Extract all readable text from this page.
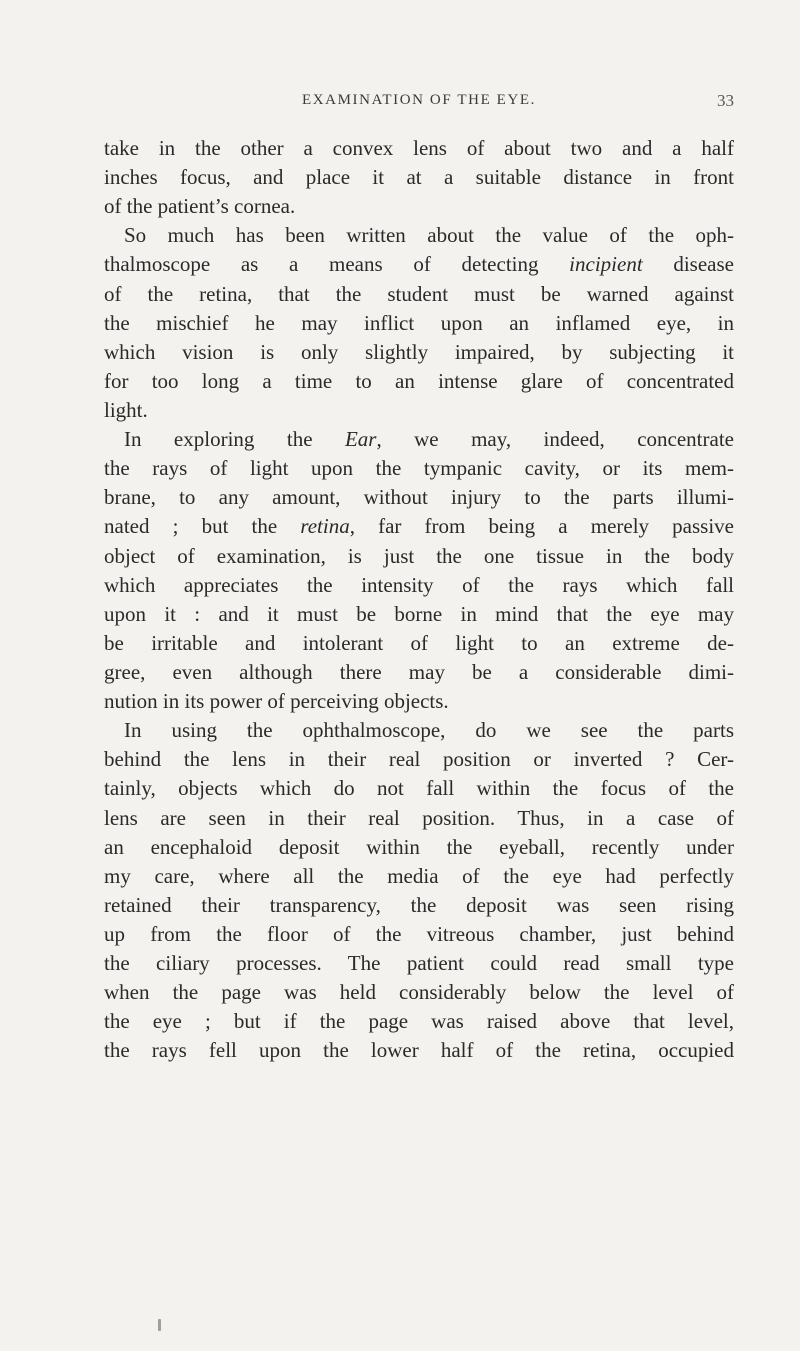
EXAMINATION OF THE EYE.	33
take in the other a convex lens of about two and a half
inches focus, and place it at a suitable distance in front
of the patient’s cornea.
So much has been written about the value of the oph-
thalmoscope as a means of detecting incipient disease
of the retina, that the student must be warned against
the mischief he may inflict upon an inflamed eye, in
which vision is only slightly impaired, by subjecting it
for too long a time to an intense glare of concentrated
light.
In exploring the Ear, we may, indeed, concentrate
the rays of light upon the tympanic cavity, or its mem-
brane, to any amount, without injury to the parts illumi-
nated ; but the retina, far from being a merely passive
object of examination, is just the one tissue in the body
which appreciates the intensity of the rays which fall
upon it : and it must be borne in mind that the eye may
be irritable and intolerant of light to an extreme de-
gree, even although there may be a considerable dimi-
nution in its power of perceiving objects.
In using the ophthalmoscope, do we see the parts
behind the lens in their real position or inverted ? Cer-
tainly, objects which do not fall within the focus of the
lens are seen in their real position. Thus, in a case of
an encephaloid deposit within the eyeball, recently under
my care, where all the media of the eye had perfectly
retained their transparency, the deposit was seen rising
up from the floor of the vitreous chamber, just behind
the ciliary processes. The patient could read small type
when the page was held considerably below the level of
the eye ; but if the page was raised above that level,
the rays fell upon the lower half of the retina, occupied
